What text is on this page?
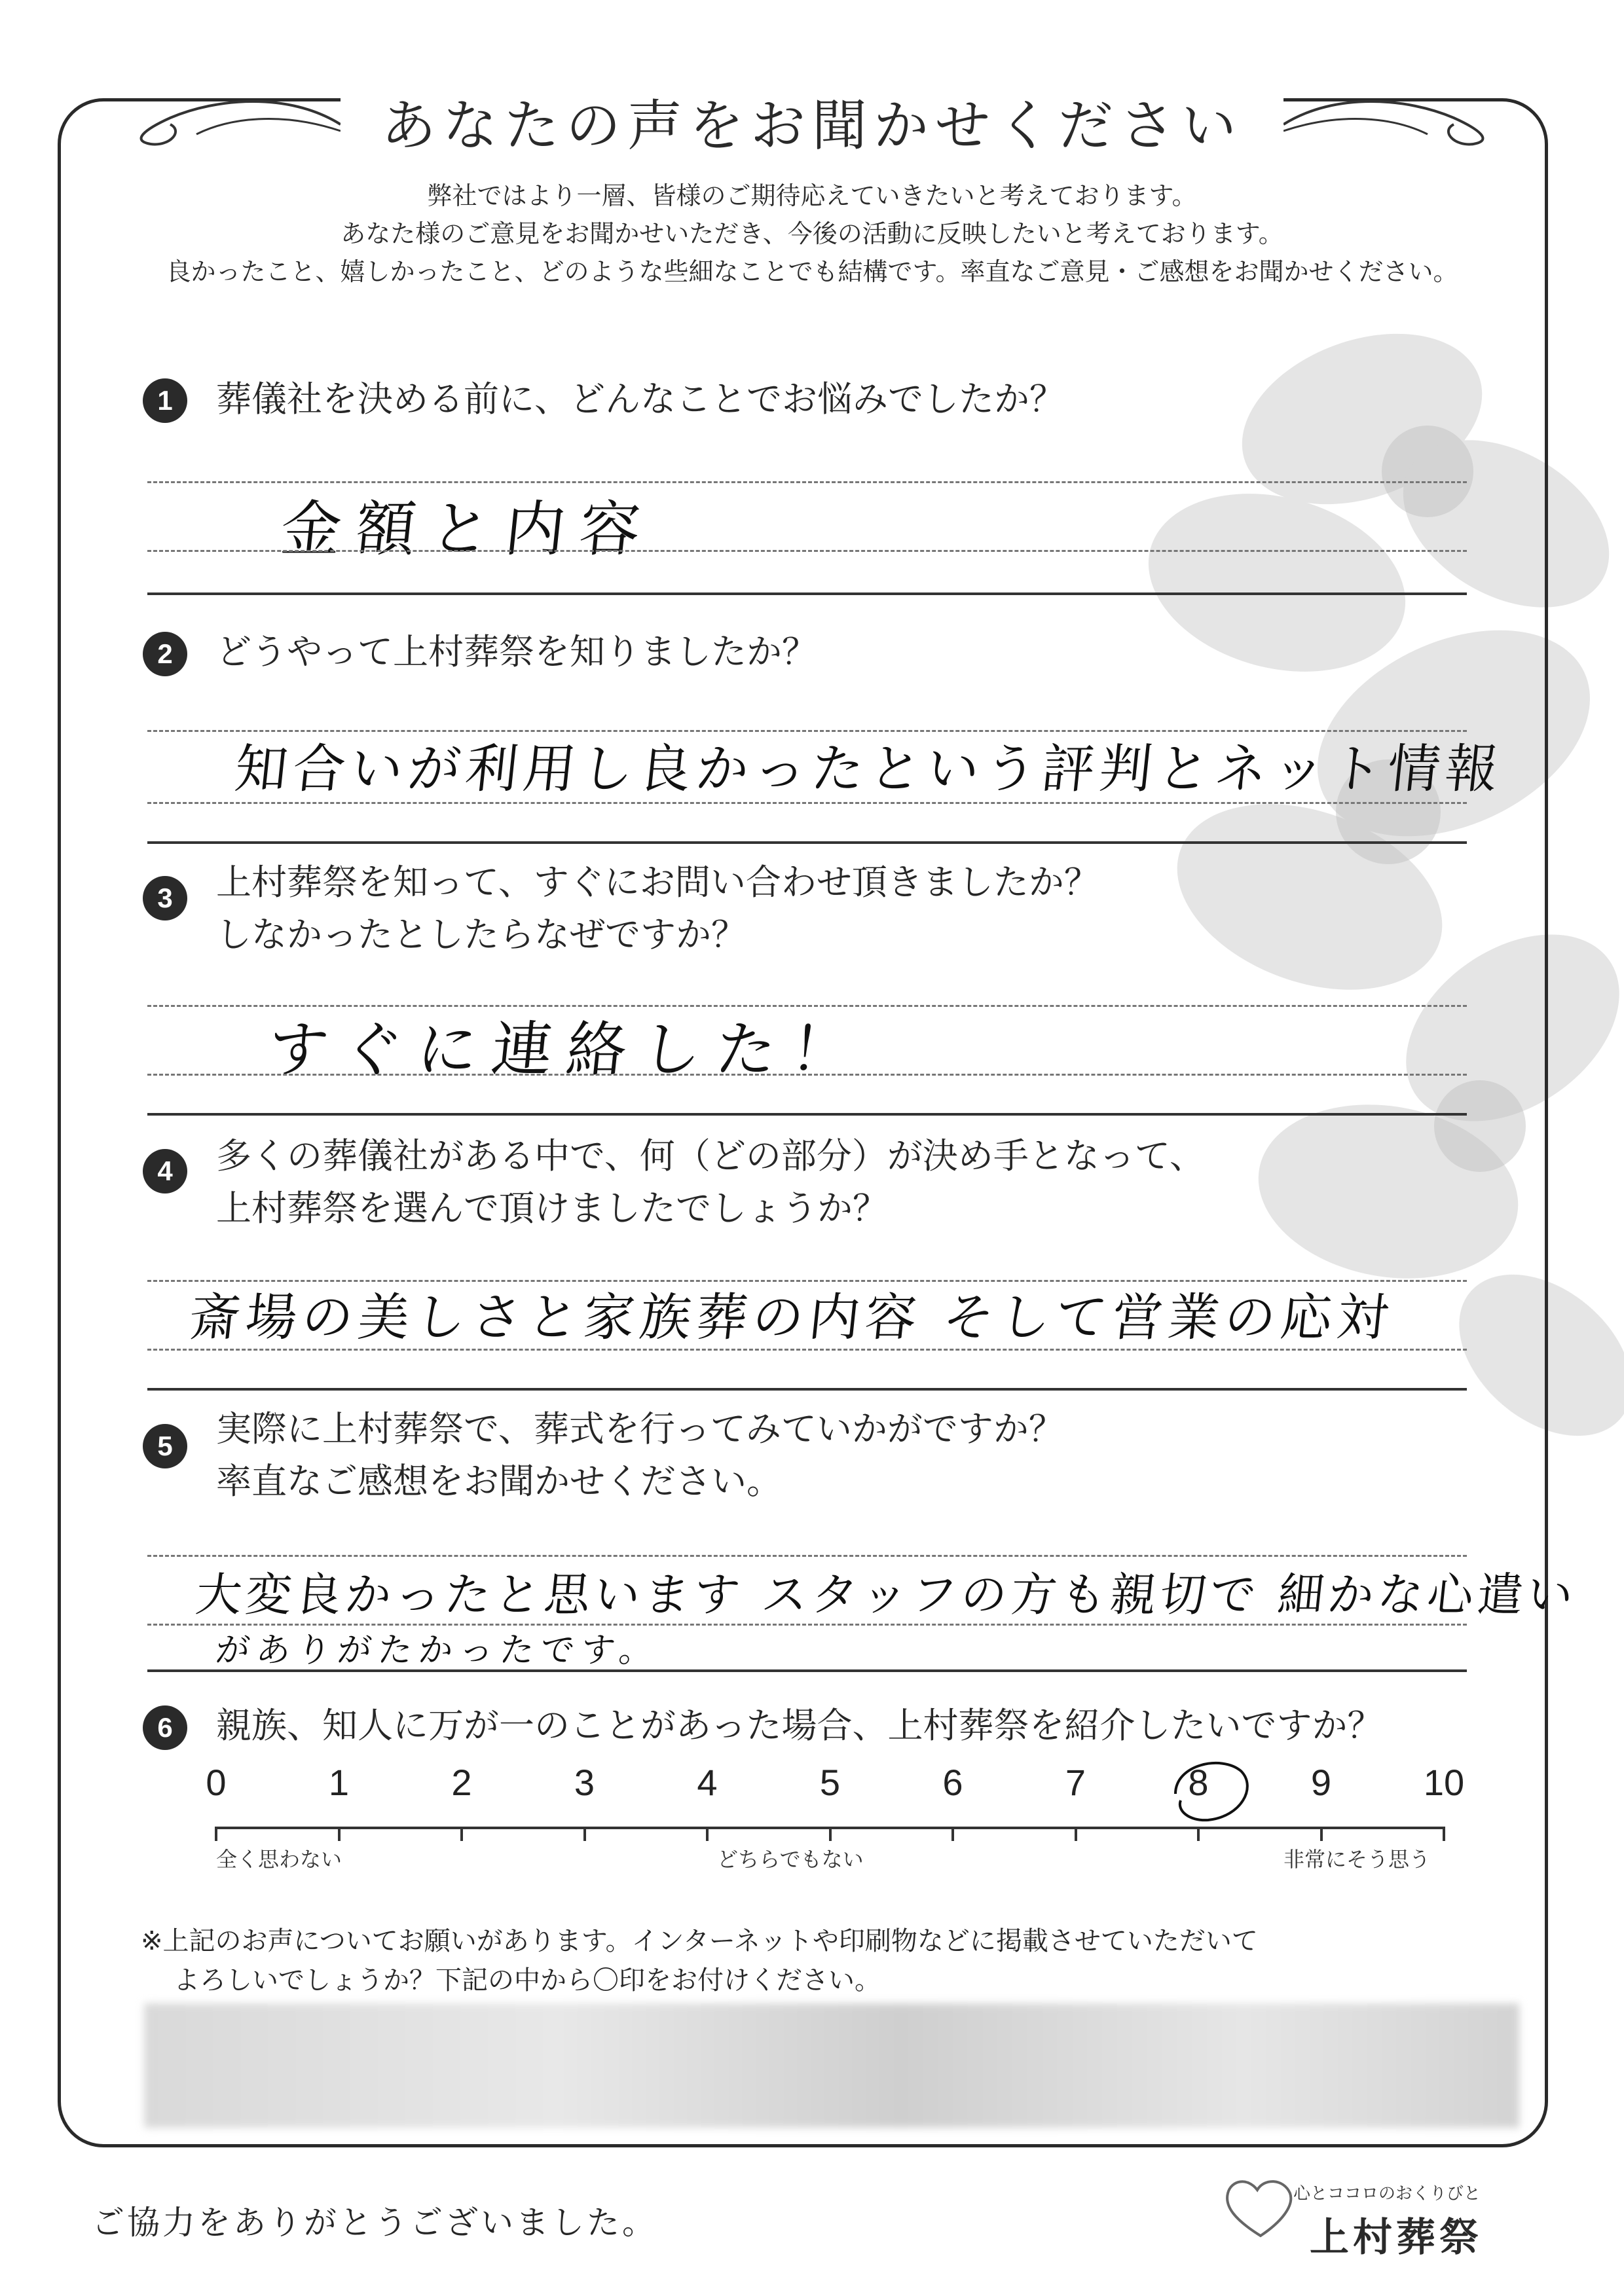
あなたの声をお聞かせください
弊社ではより一層、皆様のご期待応えていきたいと考えております。
あなた様のご意見をお聞かせいただき、今後の活動に反映したいと考えております。
良かったこと、嬉しかったこと、どのような些細なことでも結構です。率直なご意見・ご感想をお聞かせください。
1	葬儀社を決める前に、どんなことでお悩みでしたか？
金額と内容
2	どうやって上村葬祭を知りましたか？
知合いが利用し良かったという評判とネット情報
3	上村葬祭を知って、すぐにお問い合わせ頂きましたか？
しなかったとしたらなぜですか？
すぐに連絡した！
4	多くの葬儀社がある中で、何（どの部分）が決め手となって、
上村葬祭を選んで頂けましたでしょうか？
斎場の美しさと家族葬の内容 そして営業の応対
5	実際に上村葬祭で、葬式を行ってみていかがですか？
率直なご感想をお聞かせください。
大変良かったと思います スタッフの方も親切で 細かな心遣い
がありがたかったです。
6	親族、知人に万が一のことがあった場合、上村葬祭を紹介したいですか？
0	1	2	3	4	5	6	7	8	9	10
全く思わない	どちらでもない	非常にそう思う
※上記のお声についてお願いがあります。インターネットや印刷物などに掲載させていただいて
よろしいでしょうか？下記の中から〇印をお付けください。
ご協力をありがとうございました。
心とココロのおくりびと
上村葬祭
